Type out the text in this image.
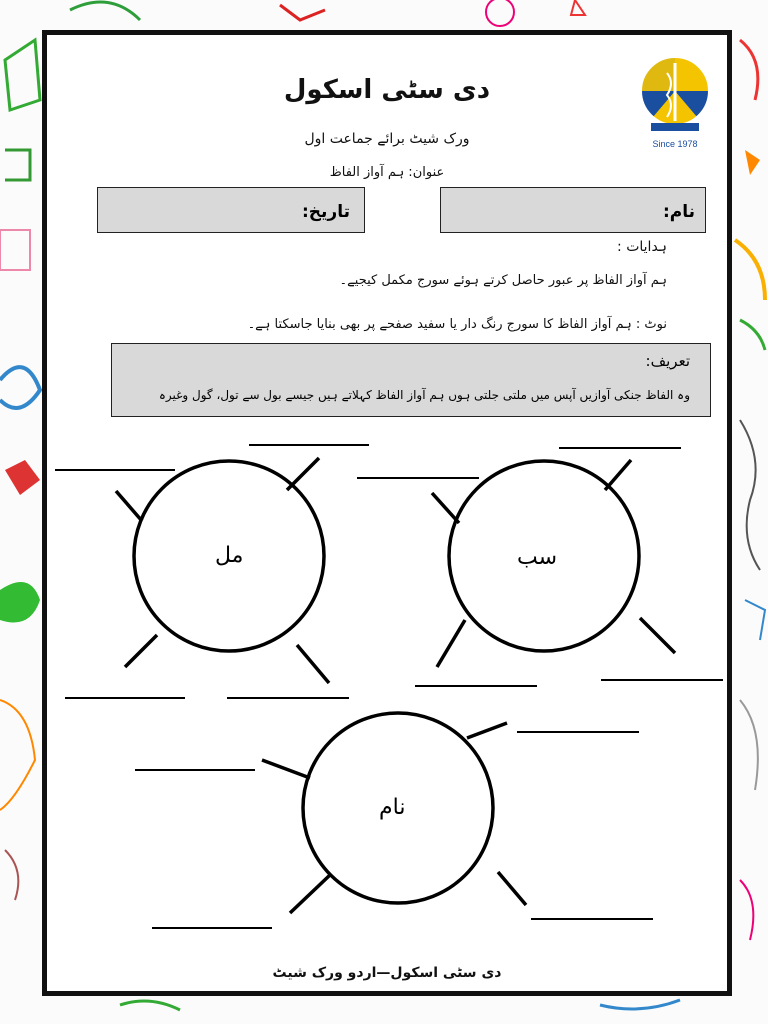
Since 1978
دی سٹی اسکول
ورک شیٹ برائے جماعت اول
عنوان: ہم آواز الفاظ
نام:
تاریخ:
ہدایات :
ہم آواز الفاظ پر عبور حاصل کرتے ہوئے سورج مکمل کیجیے۔
نوٹ : ہم آواز الفاظ کا سورج رنگ دار یا سفید صفحے پر بھی بنایا جاسکتا ہے۔
تعریف:
وہ الفاظ جنکی آوازیں آپس میں ملتی جلتی ہوں ہم آواز الفاظ کہلاتے ہیں جیسے بول سے تول، گول وغیرہ
سب
مل
نام
دی سٹی اسکول—اردو ورک شیٹ
